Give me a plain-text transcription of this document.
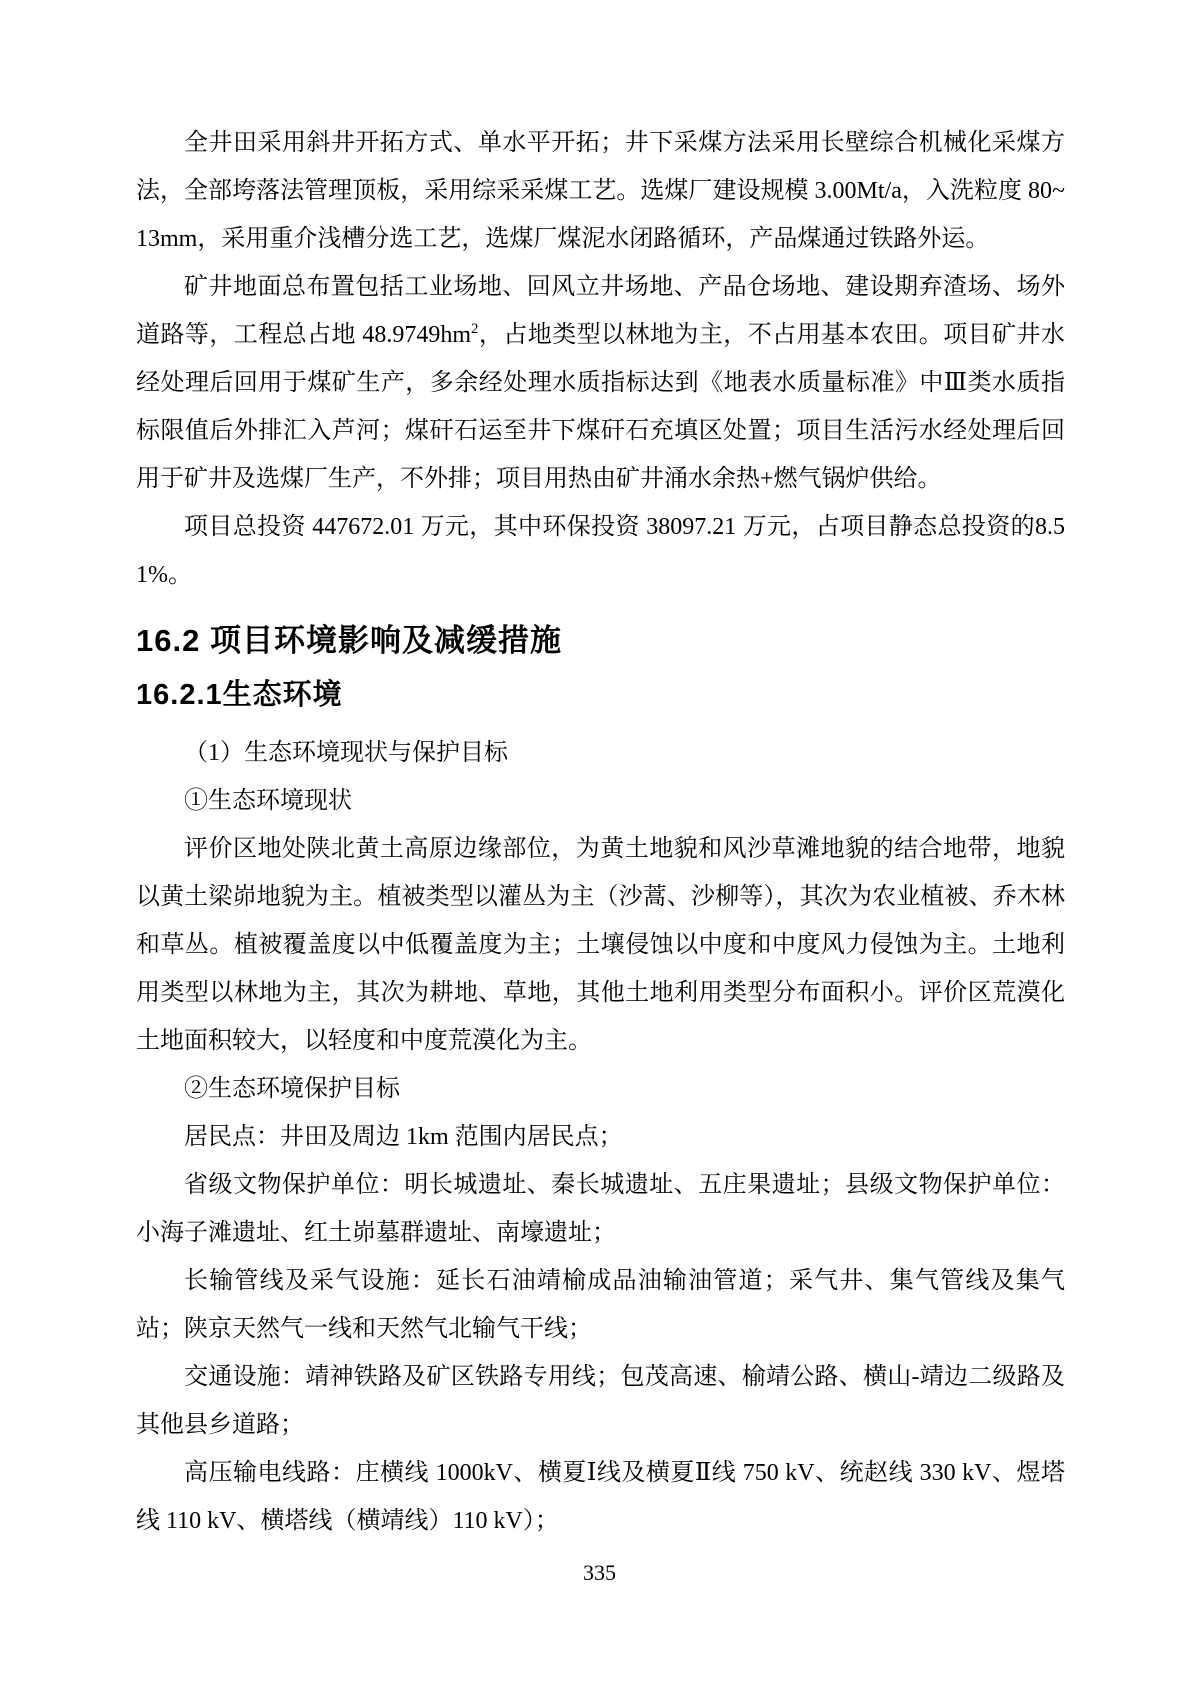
全井田采用斜井开拓方式、单水平开拓；井下采煤方法采用长壁综合机械化采煤方法，全部垮落法管理顶板，采用综采采煤工艺。选煤厂建设规模 3.00Mt/a，入洗粒度 80~13mm，采用重介浅槽分选工艺，选煤厂煤泥水闭路循环，产品煤通过铁路外运。

矿井地面总布置包括工业场地、回风立井场地、产品仓场地、建设期弃渣场、场外道路等，工程总占地 $48.9749hm^2$，占地类型以林地为主，不占用基本农田。项目矿井水经处理后回用于煤矿生产，多余经处理水质指标达到《地表水质量标准》中Ⅲ类水质指标限值后外排汇入芦河；煤矸石运至井下煤矸石充填区处置；项目生活污水经处理后回用于矿井及选煤厂生产，不外排；项目用热由矿井涌水余热+燃气锅炉供给。

项目总投资 447672.01 万元，其中环保投资 38097.21 万元，占项目静态总投资的8.51%。

16.2 项目环境影响及减缓措施
16.2.1生态环境

（1）生态环境现状与保护目标

①生态环境现状

评价区地处陕北黄土高原边缘部位，为黄土地貌和风沙草滩地貌的结合地带，地貌以黄土梁峁地貌为主。植被类型以灌丛为主（沙蒿、沙柳等），其次为农业植被、乔木林和草丛。植被覆盖度以中低覆盖度为主；土壤侵蚀以中度和中度风力侵蚀为主。土地利用类型以林地为主，其次为耕地、草地，其他土地利用类型分布面积小。评价区荒漠化土地面积较大，以轻度和中度荒漠化为主。

②生态环境保护目标

居民点：井田及周边 1km 范围内居民点；

省级文物保护单位：明长城遗址、秦长城遗址、五庄果遗址；县级文物保护单位：小海子滩遗址、红土峁墓群遗址、南壕遗址；

长输管线及采气设施：延长石油靖榆成品油输油管道；采气井、集气管线及集气站；陕京天然气一线和天然气北输气干线；

交通设施：靖神铁路及矿区铁路专用线；包茂高速、榆靖公路、横山-靖边二级路及其他县乡道路；

高压输电线路：庄横线 1000kV、横夏Ⅰ线及横夏Ⅱ线 750 kV、统赵线 330 kV、煜塔线 110 kV、横塔线（横靖线）110 kV）；

335
